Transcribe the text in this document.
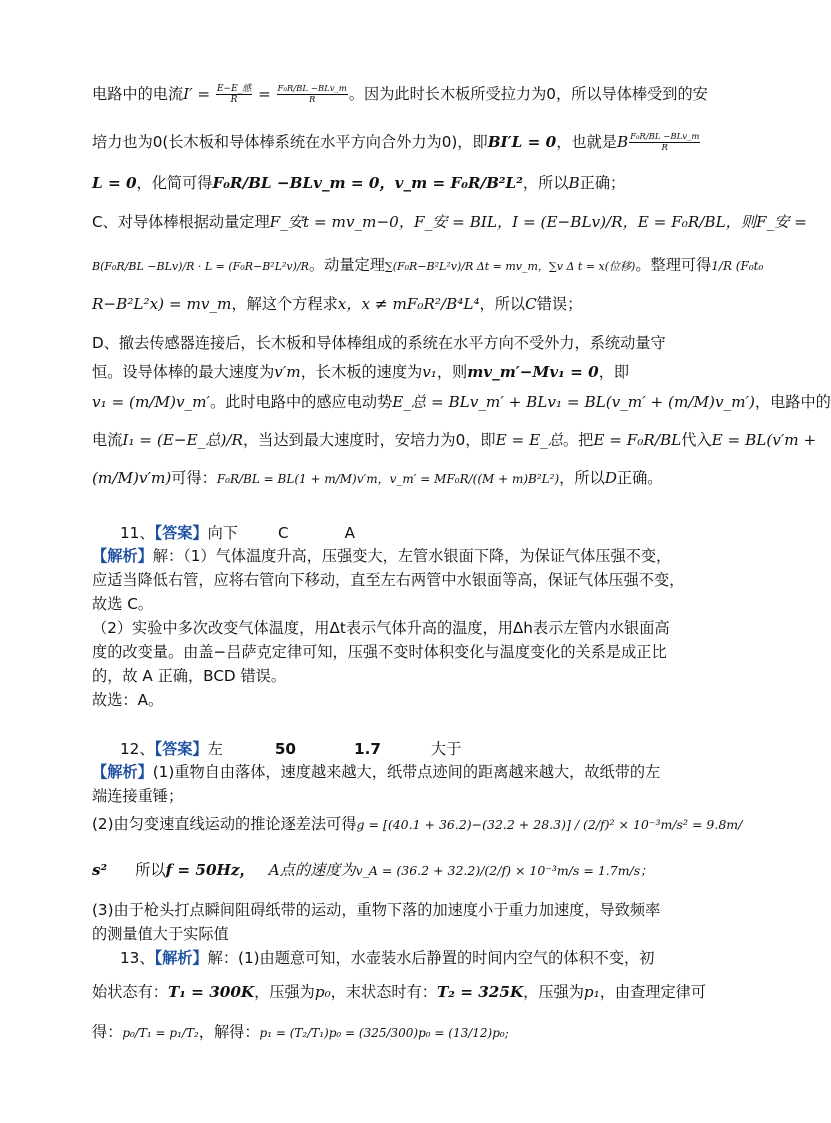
电路中的电流$I' = \frac{\text{E−E\_感}}{R} = \frac{\text{F₀R/BL −BLv\_m}}{R}$ 。因为此时长木板所受拉力为0，所以导体棒受到的安
培力也为0(长木板和导体棒系统在水平方向合外力为0)，即BI′L = 0，也就是B $\frac{\text{F₀R/BL −BLv\_m}}{R}$
L = 0，化简可得F₀R/BL −BLv_m = 0，v_m = F₀R/B²L²，所以B正确；
C、对导体棒根据动量定理F_安t = mv_m−0，F_安 = BIL，I = (E−BLv)/R，E = F₀R/BL，则F_安 =
B(F₀R/BL −BLv)/R · L = (F₀R−B²L²v)/R。动量定理∑(F₀R−B²L²v)/R Δt = mv_m，∑v Δ t = x(位移)。整理可得1/R (F₀t₀
R−B²L²x) = mv_m，解这个方程求x，x ≠ mF₀R²/B⁴L⁴，所以C错误；
D、撤去传感器连接后，长木板和导体棒组成的系统在水平方向不受外力，系统动量守
恒。设导体棒的最大速度为v′m，长木板的速度为v₁，则mv_m′−Mv₁ = 0，即
v₁ = (m/M)v_m′。此时电路中的感应电动势E_总 = BLv_m′ + BLv₁ = BL(v_m′ + (m/M)v_m′)，电路中的
电流I₁ = (E−E_总)/R，当达到最大速度时，安培力为0，即E = E_总。把E = F₀R/BL代入E = BL(v′m +
(m/M)v′m)可得：F₀R/BL = BL(1 + m/M)v′m，v_m′ = MF₀R/((M + m)B²L²)，所以D正确。
11、【答案】向下	C	A
【解析】解：（1）气体温度升高，压强变大，左管水银面下降，为保证气体压强不变，
应适当降低右管，应将右管向下移动，直至左右两管中水银面等高，保证气体压强不变，
故选 C。
（2）实验中多次改变气体温度，用Δt表示气体升高的温度，用Δh表示左管内水银面高
度的改变量。由盖−吕萨克定律可知，压强不变时体积变化与温度变化的关系是成正比
的，故 A 正确，BCD 错误。
故选：A。
12、【答案】左	50	1.7	大于
【解析】(1)重物自由落体，速度越来越大，纸带点迹间的距离越来越大，故纸带的左
端连接重锤；
(2)由匀变速直线运动的推论逐差法可得g = [(40.1 + 36.2)−(32.2 + 28.3)] / (2/f)² × 10⁻³m/s² = 9.8m/
s² 所以f = 50Hz， A点的速度为v_A = (36.2 + 32.2)/(2/f) × 10⁻³m/s = 1.7m/s；
(3)由于枪头打点瞬间阻碍纸带的运动，重物下落的加速度小于重力加速度，导致频率
的测量值大于实际值
13、【解析】解：(1)由题意可知，水壶装水后静置的时间内空气的体积不变，初
始状态有：T₁ = 300K，压强为p₀，末状态时有：T₂ = 325K，压强为p₁，由查理定律可
得：p₀/T₁ = p₁/T₂，解得：p₁ = (T₂/T₁)p₀ = (325/300)p₀ = (13/12)p₀;
